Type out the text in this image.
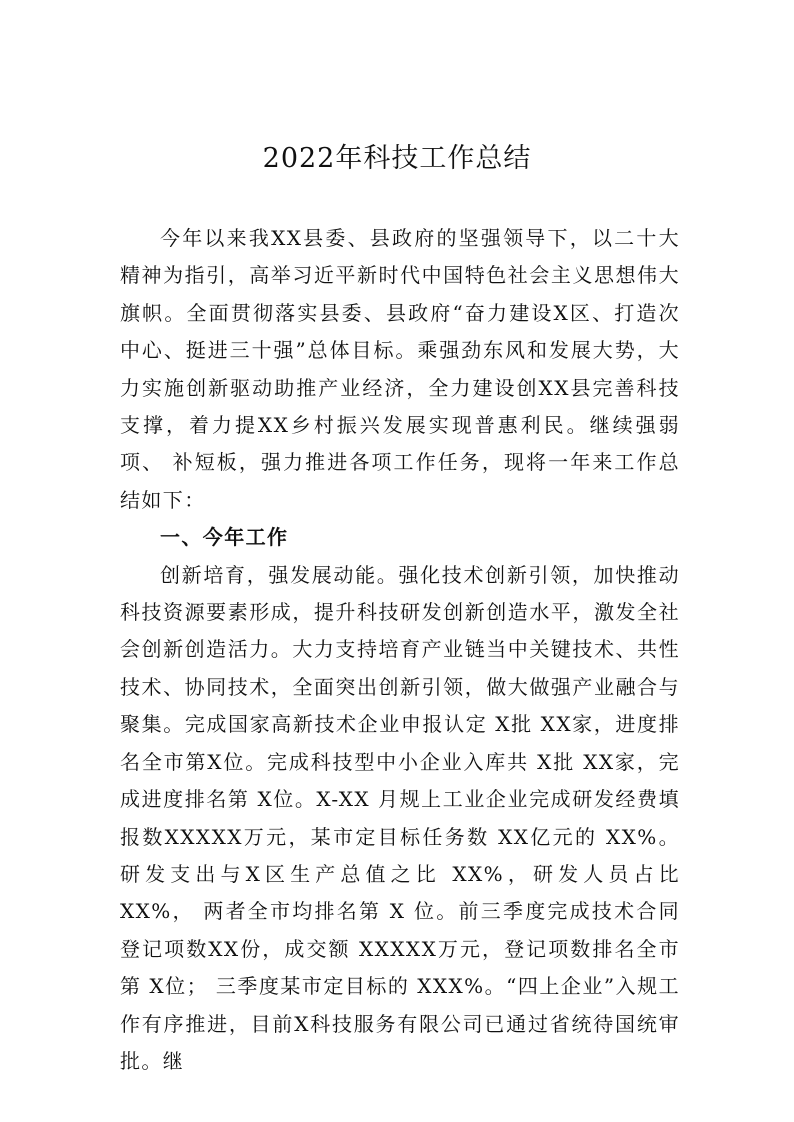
2022年科技工作总结

今年以来我XX县委、县政府的坚强领导下，以二十大精神为指引，高举习近平新时代中国特色社会主义思想伟大旗帜。全面贯彻落实县委、县政府“奋力建设X区、打造次中心、挺进三十强”总体目标。乘强劲东风和发展大势，大力实施创新驱动助推产业经济，全力建设创XX县完善科技支撑，着力提XX乡村振兴发展实现普惠利民。继续强弱项、 补短板，强力推进各项工作任务，现将一年来工作总结如下：

一、今年工作

创新培育，强发展动能。强化技术创新引领，加快推动科技资源要素形成，提升科技研发创新创造水平，激发全社会创新创造活力。大力支持培育产业链当中关键技术、共性技术、协同技术，全面突出创新引领，做大做强产业融合与聚集。完成国家高新技术企业申报认定 X批 XX家，进度排名全市第X位。完成科技型中小企业入库共 X批 XX家，完成进度排名第 X位。X-XX 月规上工业企业完成研发经费填报数XXXXX万元，某市定目标任务数 XX亿元的 XX%。研发支出与X区生产总值之比 XX%，研发人员占比 XX%， 两者全市均排名第 X 位。前三季度完成技术合同登记项数XX份，成交额 XXXXX万元，登记项数排名全市第 X位； 三季度某市定目标的 XXX%。“四上企业”入规工作有序推进，目前X科技服务有限公司已通过省统待国统审批。继
